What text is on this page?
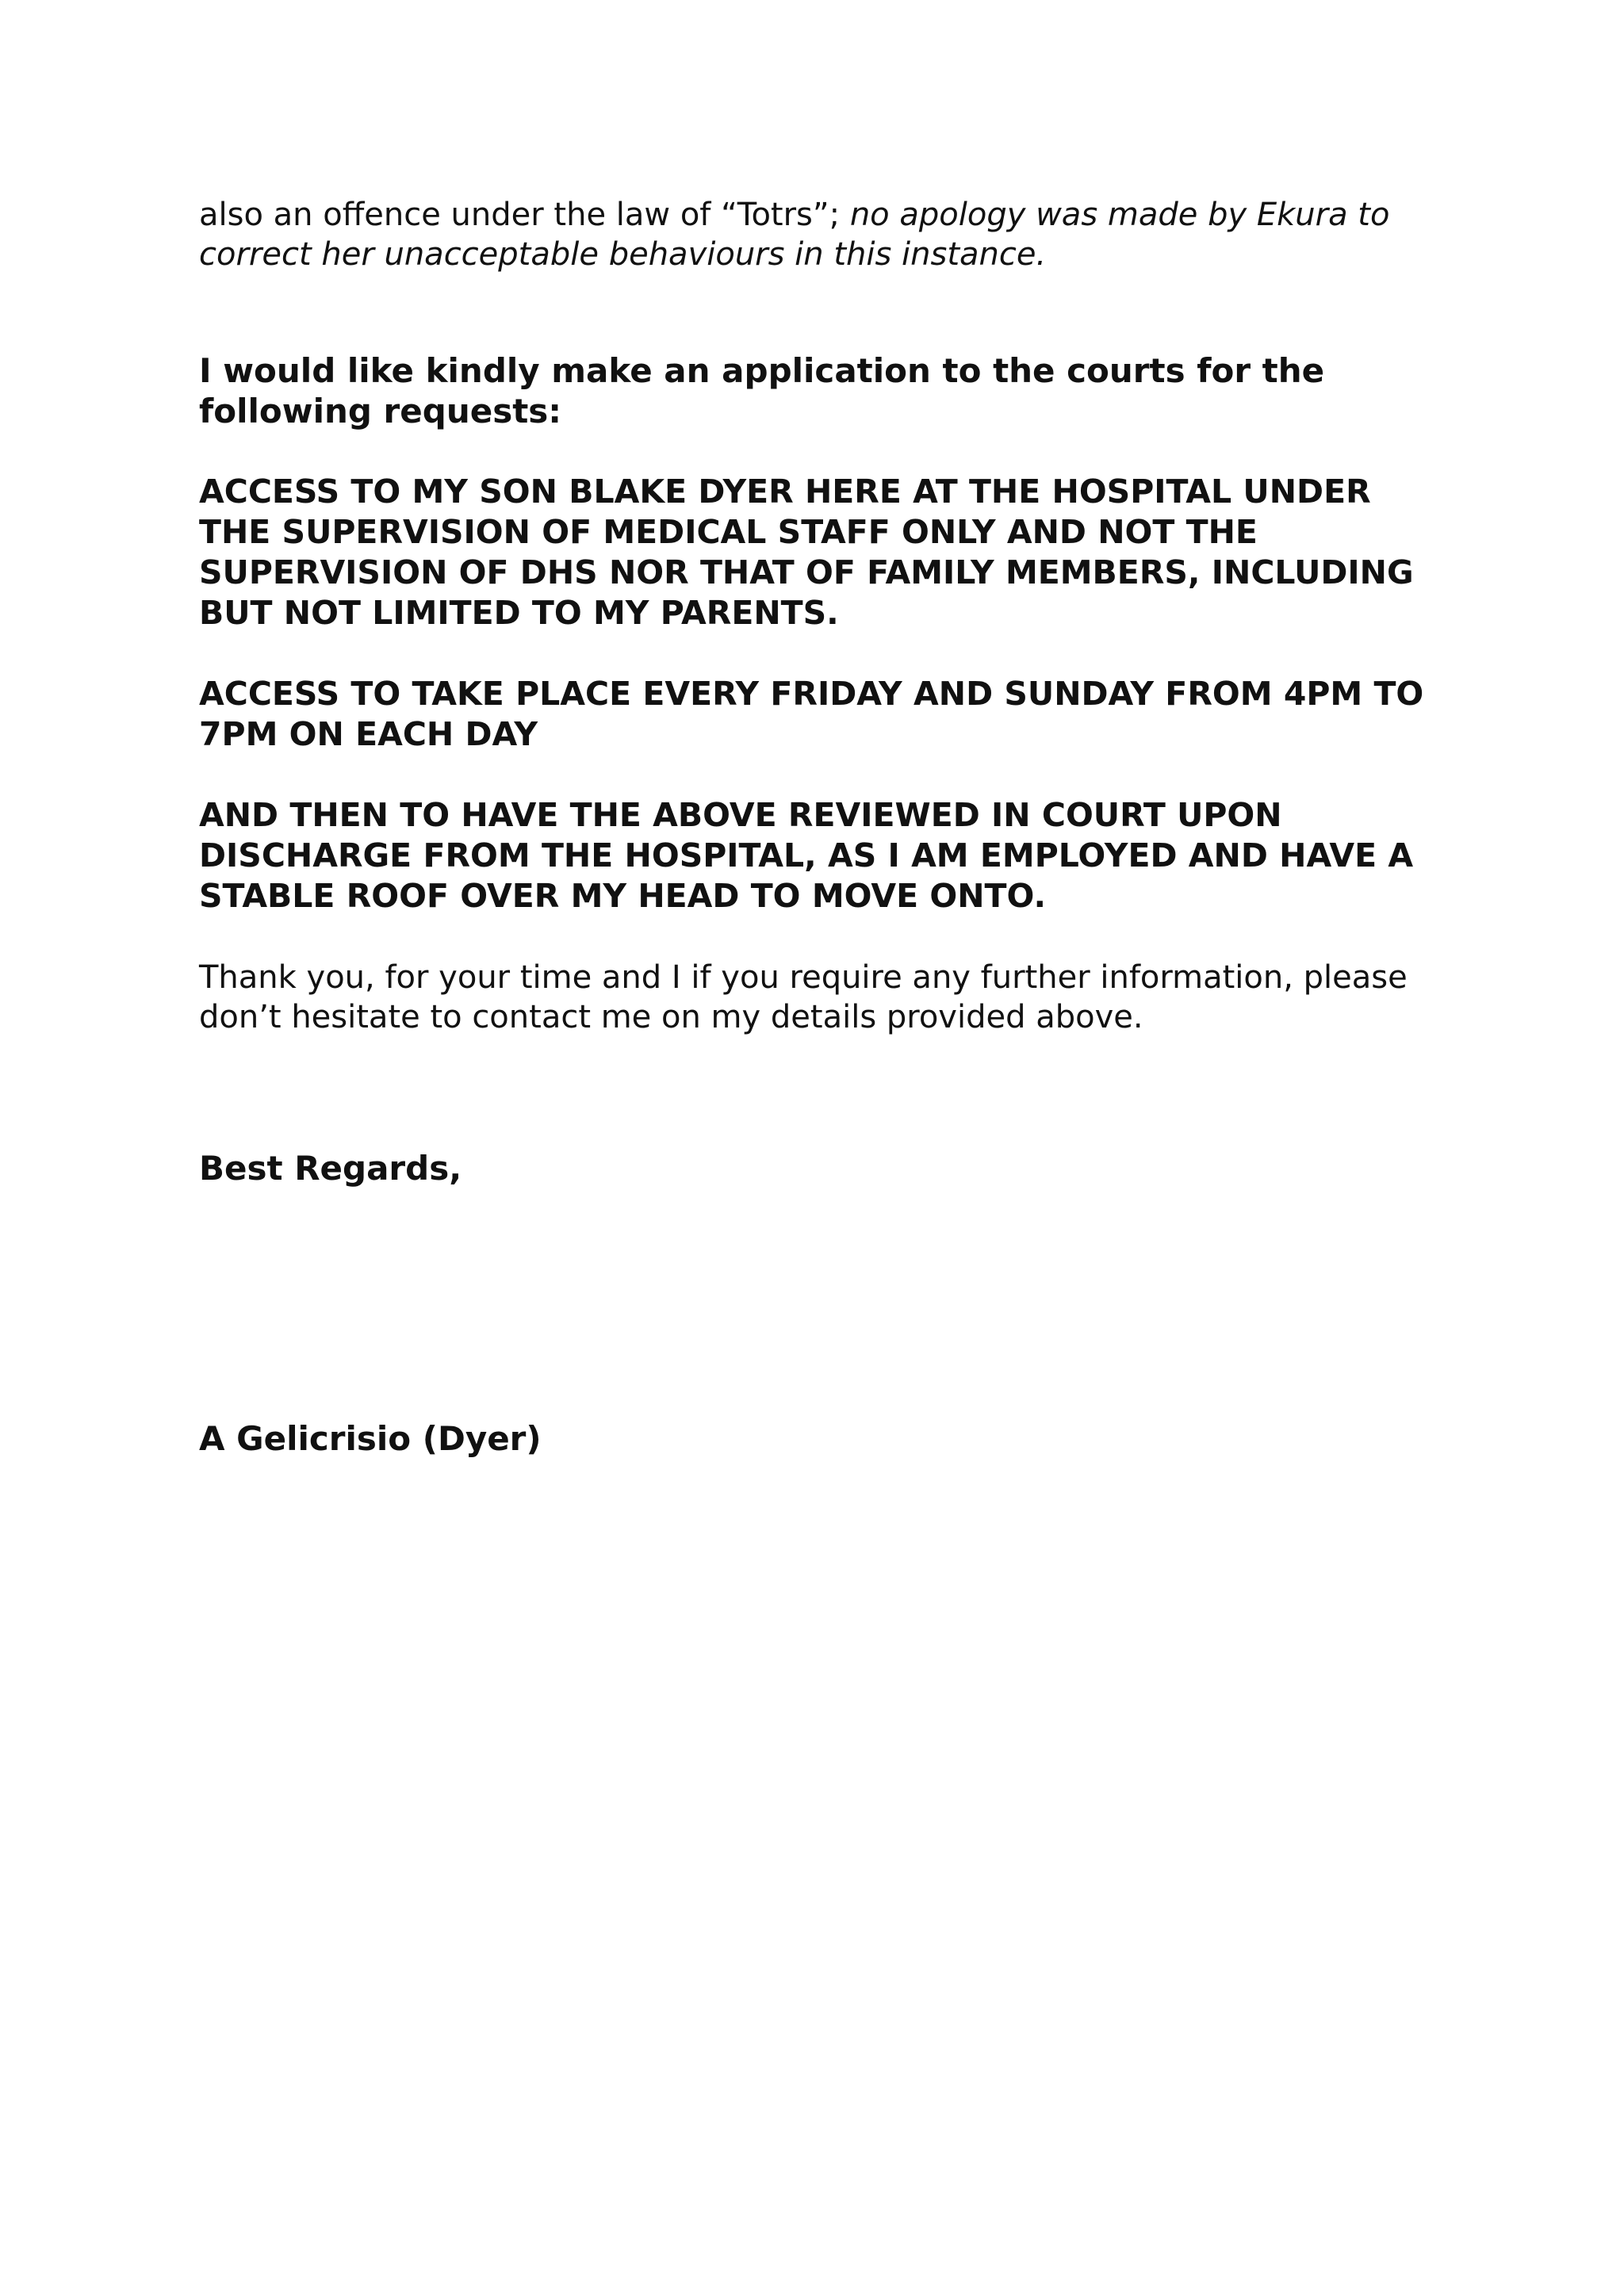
also an offence under the law of “Totrs”; no apology was made by Ekura to correct her unacceptable behaviours in this instance.

I would like kindly make an application to the courts for the following requests:

ACCESS TO MY SON BLAKE DYER HERE AT THE HOSPITAL UNDER THE SUPERVISION OF MEDICAL STAFF ONLY AND NOT THE SUPERVISION OF DHS NOR THAT OF FAMILY MEMBERS, INCLUDING BUT NOT LIMITED TO MY PARENTS.

ACCESS TO TAKE PLACE EVERY FRIDAY AND SUNDAY FROM 4PM TO 7PM ON EACH DAY

AND THEN TO HAVE THE ABOVE REVIEWED IN COURT UPON DISCHARGE FROM THE HOSPITAL, AS I AM EMPLOYED AND HAVE A STABLE ROOF OVER MY HEAD TO MOVE ONTO.

Thank you, for your time and I if you require any further information, please don’t hesitate to contact me on my details provided above.

Best Regards,

A Gelicrisio (Dyer)
